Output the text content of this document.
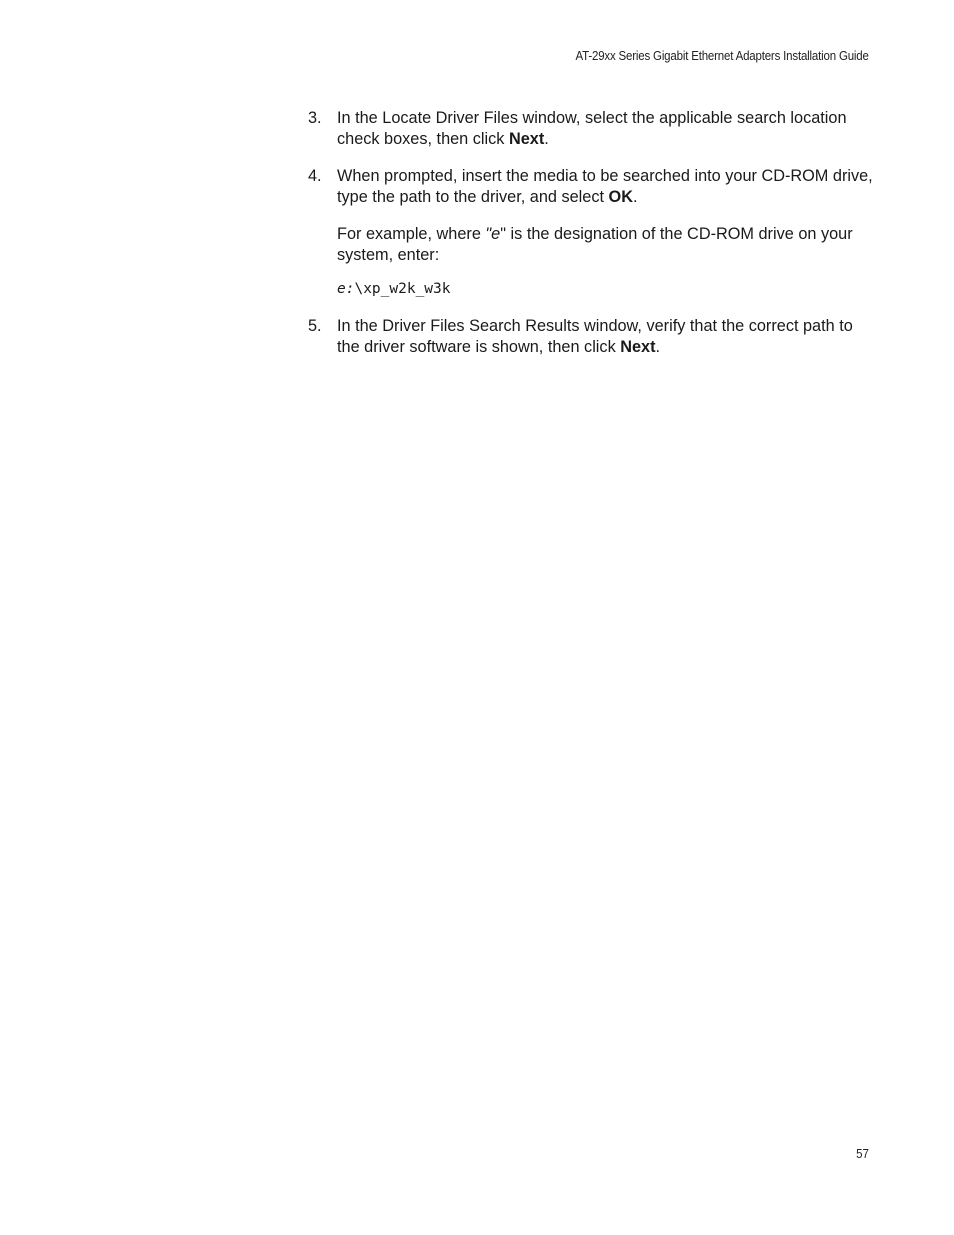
AT-29xx Series Gigabit Ethernet Adapters Installation Guide
3. In the Locate Driver Files window, select the applicable search location check boxes, then click Next.

4. When prompted, insert the media to be searched into your CD-ROM drive, type the path to the driver, and select OK.

For example, where "e" is the designation of the CD-ROM drive on your system, enter:

e:\xp_w2k_w3k
5. In the Driver Files Search Results window, verify that the correct path to the driver software is shown, then click Next.

57
